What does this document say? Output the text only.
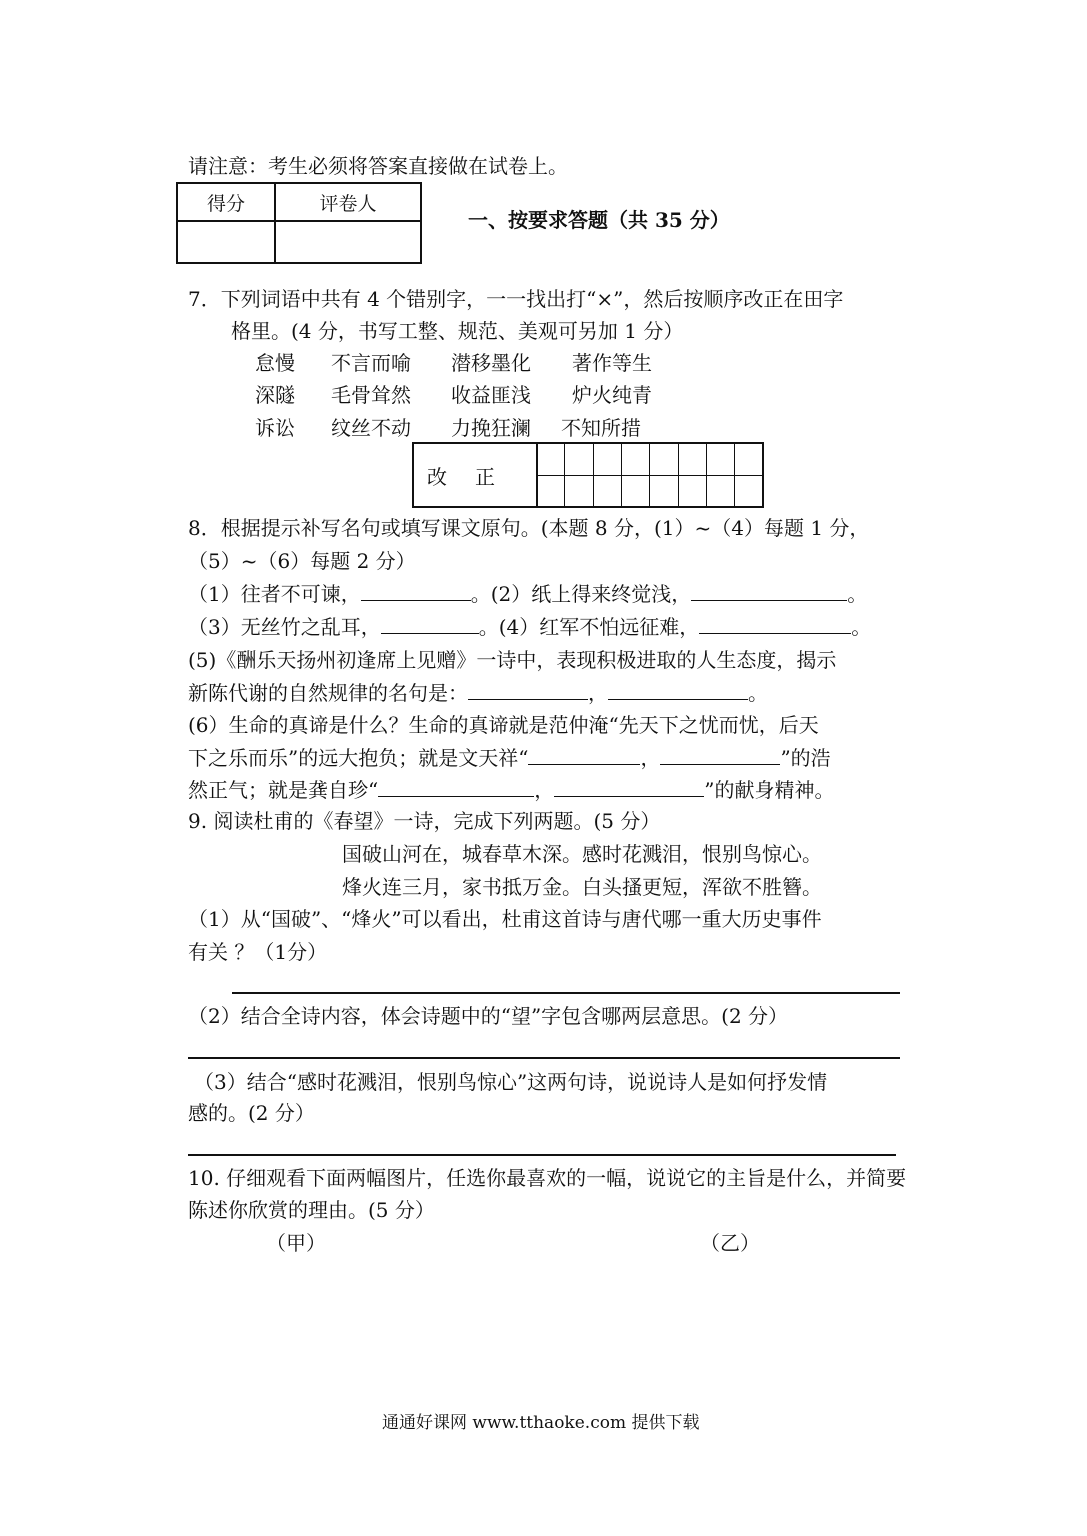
请注意：考生必须将答案直接做在试卷上。
得分	评卷人

一、按要求答题（共 35 分）
7．下列词语中共有 4 个错别字，一一找出打“×”，然后按顺序改正在田字
格里。(4 分，书写工整、规范、美观可另加 1 分）
怠慢 不言而喻 潜移墨化 著作等生
深隧 毛骨耸然 收益匪浅 炉火纯青
诉讼 纹丝不动 力挽狂澜 不知所措
改正
8．根据提示补写名句或填写课文原句。(本题 8 分，(1）~（4）每题 1 分，
（5）~（6）每题 2 分）
（1）往者不可谏，	。(2）纸上得来终觉浅，	。
（3）无丝竹之乱耳，	。(4）红军不怕远征难，	。
(5)《酬乐天扬州初逢席上见赠》一诗中，表现积极进取的人生态度，揭示
新陈代谢的自然规律的名句是：	，	。
(6）生命的真谛是什么？生命的真谛就是范仲淹“先天下之忧而忧，后天
下之乐而乐”的远大抱负；就是文天祥“	，	”的浩
然正气；就是龚自珍“	，	”的献身精神。
9. 阅读杜甫的《春望》一诗，完成下列两题。(5 分）
国破山河在，城春草木深。感时花溅泪，恨别鸟惊心。
烽火连三月，家书抵万金。白头搔更短，浑欲不胜簪。
（1）从“国破”、“烽火”可以看出，杜甫这首诗与唐代哪一重大历史事件
有关 ？（1分）
（2）结合全诗内容，体会诗题中的“望”字包含哪两层意思。(2 分）
（3）结合“感时花溅泪，恨别鸟惊心”这两句诗，说说诗人是如何抒发情
感的。(2 分）
10. 仔细观看下面两幅图片，任选你最喜欢的一幅，说说它的主旨是什么，并简要
陈述你欣赏的理由。(5 分）
（甲）	（乙）
通通好课网 www.tthaoke.com 提供下载
